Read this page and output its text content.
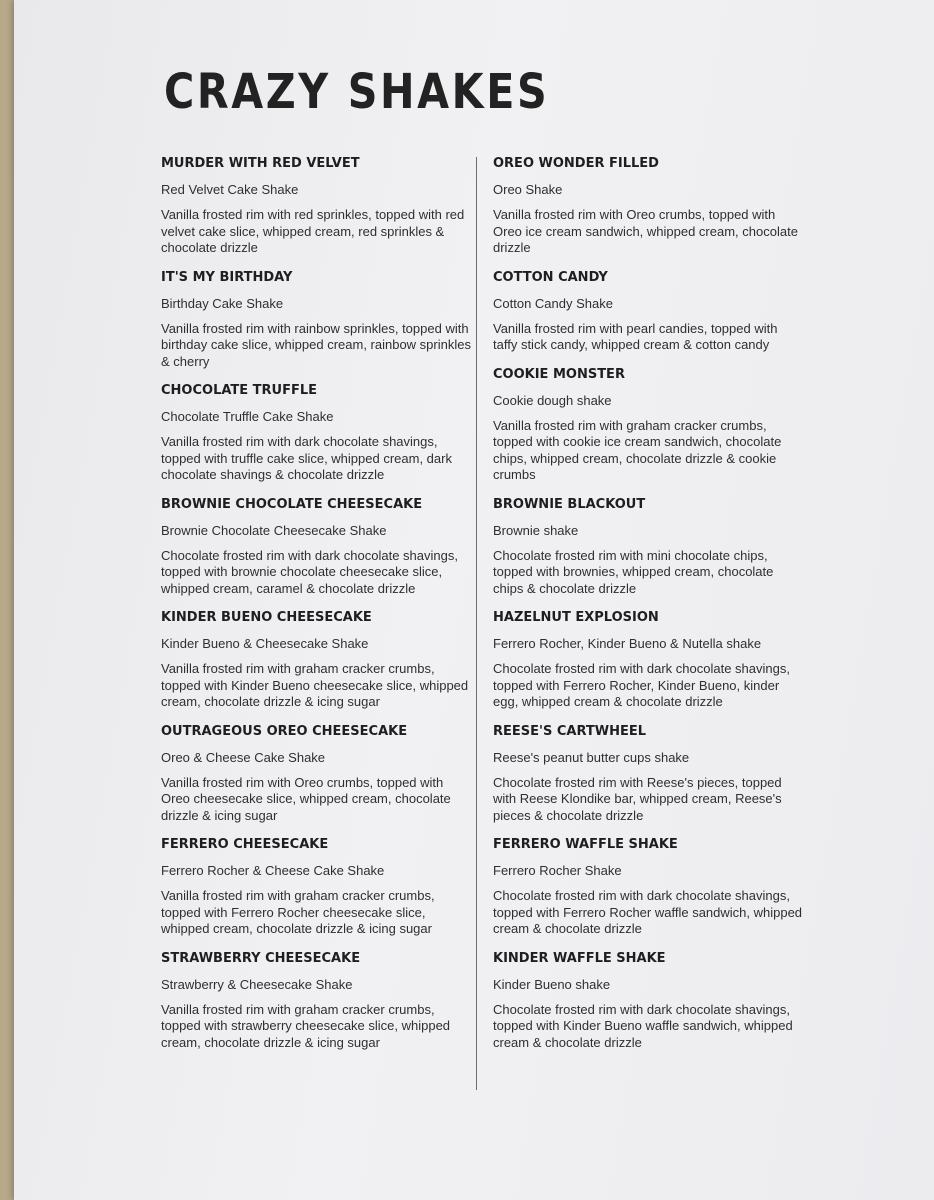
CRAZY SHAKES
MURDER WITH RED VELVET
Red Velvet Cake Shake
Vanilla frosted rim with red sprinkles, topped with red velvet cake slice, whipped cream, red sprinkles & chocolate drizzle
IT'S MY BIRTHDAY
Birthday Cake Shake
Vanilla frosted rim with rainbow sprinkles, topped with birthday cake slice, whipped cream, rainbow sprinkles & cherry
CHOCOLATE TRUFFLE
Chocolate Truffle Cake Shake
Vanilla frosted rim with dark chocolate shavings, topped with truffle cake slice, whipped cream, dark chocolate shavings & chocolate drizzle
BROWNIE CHOCOLATE CHEESECAKE
Brownie Chocolate Cheesecake Shake
Chocolate frosted rim with dark chocolate shavings, topped with brownie chocolate cheesecake slice, whipped cream, caramel & chocolate drizzle
KINDER BUENO CHEESECAKE
Kinder Bueno & Cheesecake Shake
Vanilla frosted rim with graham cracker crumbs, topped with Kinder Bueno cheesecake slice, whipped cream, chocolate drizzle & icing sugar
OUTRAGEOUS OREO CHEESECAKE
Oreo & Cheese Cake Shake
Vanilla frosted rim with Oreo crumbs, topped with Oreo cheesecake slice, whipped cream, chocolate drizzle & icing sugar
FERRERO CHEESECAKE
Ferrero Rocher & Cheese Cake Shake
Vanilla frosted rim with graham cracker crumbs, topped with Ferrero Rocher cheesecake slice, whipped cream, chocolate drizzle & icing sugar
STRAWBERRY CHEESECAKE
Strawberry & Cheesecake Shake
Vanilla frosted rim with graham cracker crumbs, topped with strawberry cheesecake slice, whipped cream, chocolate drizzle & icing sugar
OREO WONDER FILLED
Oreo Shake
Vanilla frosted rim with Oreo crumbs, topped with Oreo ice cream sandwich, whipped cream, chocolate drizzle
COTTON CANDY
Cotton Candy Shake
Vanilla frosted rim with pearl candies, topped with taffy stick candy, whipped cream & cotton candy
COOKIE MONSTER
Cookie dough shake
Vanilla frosted rim with graham cracker crumbs, topped with cookie ice cream sandwich, chocolate chips, whipped cream, chocolate drizzle & cookie crumbs
BROWNIE BLACKOUT
Brownie shake
Chocolate frosted rim with mini chocolate chips, topped with brownies, whipped cream, chocolate chips & chocolate drizzle
HAZELNUT EXPLOSION
Ferrero Rocher, Kinder Bueno & Nutella shake
Chocolate frosted rim with dark chocolate shavings, topped with Ferrero Rocher, Kinder Bueno, kinder egg, whipped cream & chocolate drizzle
REESE'S CARTWHEEL
Reese's peanut butter cups shake
Chocolate frosted rim with Reese's pieces, topped with Reese Klondike bar, whipped cream, Reese's pieces & chocolate drizzle
FERRERO WAFFLE SHAKE
Ferrero Rocher Shake
Chocolate frosted rim with dark chocolate shavings, topped with Ferrero Rocher waffle sandwich, whipped cream & chocolate drizzle
KINDER WAFFLE SHAKE
Kinder Bueno shake
Chocolate frosted rim with dark chocolate shavings, topped with Kinder Bueno waffle sandwich, whipped cream & chocolate drizzle
